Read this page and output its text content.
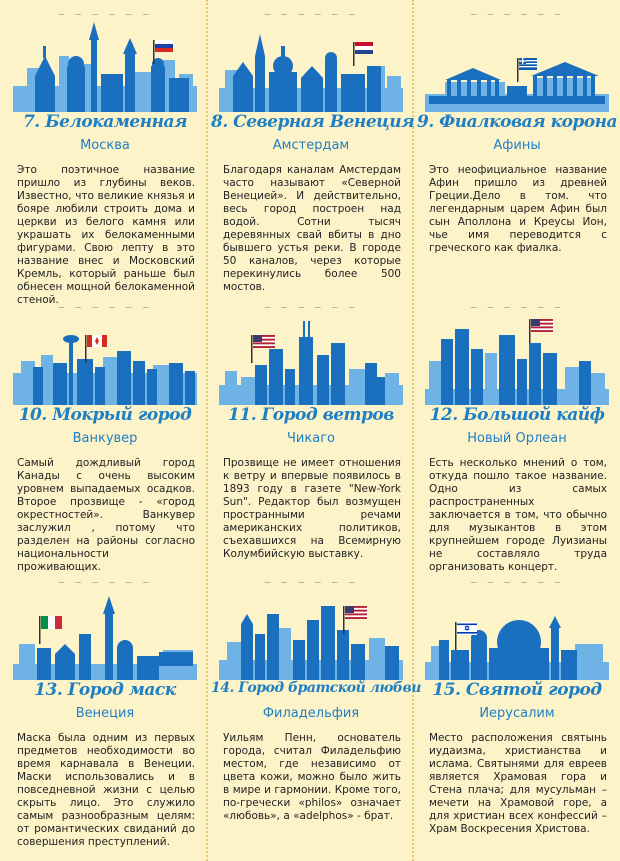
— — — — — —
7. Белокаменная
Москва
Это поэтичное название пришло из глубины веков. Известно, что великие князья и бояре любили строить дома и церкви из белого камня или украшать их белокаменными фигурами. Свою лепту в это название внес и Московский Кремль, который раньше был обнесен мощной белокаменной стеной.
— — — — — —
8. Северная Венеция
Амстердам
Благодаря каналам Амстердам часто называют «Северной Венецией». И действительно, весь город построен над водой. Сотни тысяч деревянных свай вбиты в дно бывшего устья реки. В городе 50 каналов, через которые перекинулись более 500 мостов.
— — — — — —
9. Фиалковая корона
Афины
Это неофициальное название Афин пришло из древней Греции.Дело в том. что легендарным царем Афин был сын Аполлона и Креусы Ион, чье имя переводится с греческого как фиалка.
— — — — — —
10. Мокрый город
Ванкувер
Самый дождливый город Канады с очень высоким уровнем выпадаемых осадков. Второе прозвище - «город окрестностей». Ванкувер заслужил , потому что разделен на районы согласно национальности проживающих.
— — — — — —
11. Город ветров
Чикаго
Прозвище не имеет отношения к ветру и впервые появилось в 1893 году в газете "New-York Sun". Редактор был возмущен пространными речами американских политиков, съехавшихся на Всемирную Колумбийскую выставку.
— — — — — —
12. Большой кайф
Новый Орлеан
Есть несколько мнений о том, откуда пошло такое название. Одно из самых распространенных заключается в том, что обычно для музыкантов в этом крупнейшем городе Луизианы не составляло труда организовать концерт.
— — — — — —
13. Город маск
Венеция
Маска была одним из первых предметов необходимости во время карнавала в Венеции. Маски использовались и в повседневной жизни с целью скрыть лицо. Это служило самым разнообразным целям: от романтических свиданий до совершения преступлений.
— — — — — —
14. Город братской любви
Филадельфия
Уильям Пенн, основатель города, считал Филадельфию местом, где независимо от цвета кожи, можно было жить в мире и гармонии. Кроме того, по-гречески «philos» означает «любовь», а «adelphos» - брат.
— — — — — —
15. Святой город
Иерусалим
Место расположения святынь иудаизма, христианства и ислама. Святынями для евреев является Храмовая гора и Стена плача; для мусульман – мечети на Храмовой горе, а для христиан всех конфессий – Храм Воскресения Христова.
